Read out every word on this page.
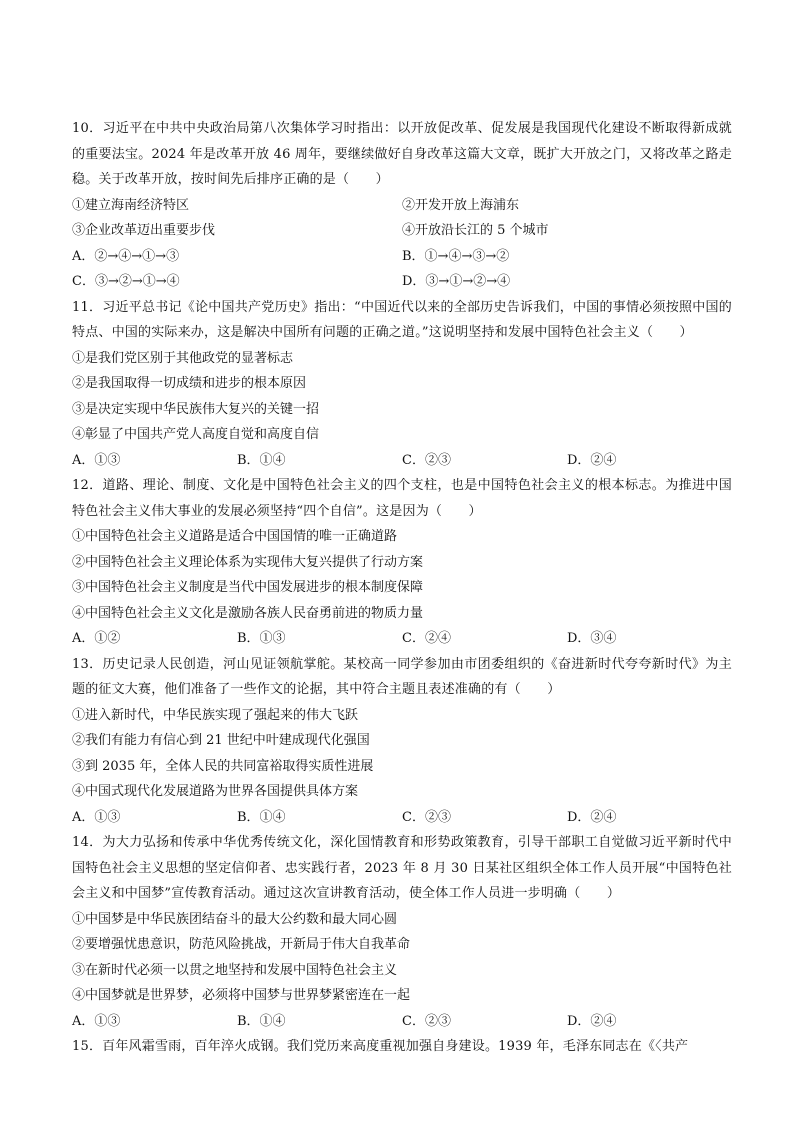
10．习近平在中共中央政治局第八次集体学习时指出：以开放促改革、促发展是我国现代化建设不断取得新成就的重要法宝。2024 年是改革开放 46 周年，要继续做好自身改革这篇大文章，既扩大开放之门，又将改革之路走稳。关于改革开放，按时间先后排序正确的是（　　）

①建立海南经济特区	②开发开放上海浦东
③企业改革迈出重要步伐	④开放沿长江的 5 个城市
A．②→④→①→③	B．①→④→③→②
C．③→②→①→④	D．③→①→②→④

11．习近平总书记《论中国共产党历史》指出：“中国近代以来的全部历史告诉我们，中国的事情必须按照中国的特点、中国的实际来办，这是解决中国所有问题的正确之道。”这说明坚持和发展中国特色社会主义（　　）

①是我们党区别于其他政党的显著标志

②是我国取得一切成绩和进步的根本原因

③是决定实现中华民族伟大复兴的关键一招

④彰显了中国共产党人高度自觉和高度自信

A．①③	B．①④	C．②③	D．②④

12．道路、理论、制度、文化是中国特色社会主义的四个支柱，也是中国特色社会主义的根本标志。为推进中国特色社会主义伟大事业的发展必须坚持“四个自信”。这是因为（　　）

①中国特色社会主义道路是适合中国国情的唯一正确道路

②中国特色社会主义理论体系为实现伟大复兴提供了行动方案

③中国特色社会主义制度是当代中国发展进步的根本制度保障

④中国特色社会主义文化是激励各族人民奋勇前进的物质力量

A．①②	B．①③	C．②④	D．③④

13．历史记录人民创造，河山见证领航掌舵。某校高一同学参加由市团委组织的《奋进新时代夸夸新时代》为主题的征文大赛，他们准备了一些作文的论据，其中符合主题且表述准确的有（　　）

①进入新时代，中华民族实现了强起来的伟大飞跃

②我们有能力有信心到 21 世纪中叶建成现代化强国

③到 2035 年，全体人民的共同富裕取得实质性进展

④中国式现代化发展道路为世界各国提供具体方案

A．①③	B．①④	C．②③	D．②④

14．为大力弘扬和传承中华优秀传统文化，深化国情教育和形势政策教育，引导干部职工自觉做习近平新时代中国特色社会主义思想的坚定信仰者、忠实践行者，2023 年 8 月 30 日某社区组织全体工作人员开展“中国特色社会主义和中国梦”宣传教育活动。通过这次宣讲教育活动，使全体工作人员进一步明确（　　）

①中国梦是中华民族团结奋斗的最大公约数和最大同心圆

②要增强忧患意识，防范风险挑战，开新局于伟大自我革命

③在新时代必须一以贯之地坚持和发展中国特色社会主义

④中国梦就是世界梦，必须将中国梦与世界梦紧密连在一起

A．①③	B．①④	C．②③	D．②④

15．百年风霜雪雨，百年淬火成钢。我们党历来高度重视加强自身建设。1939 年，毛泽东同志在《〈共产
